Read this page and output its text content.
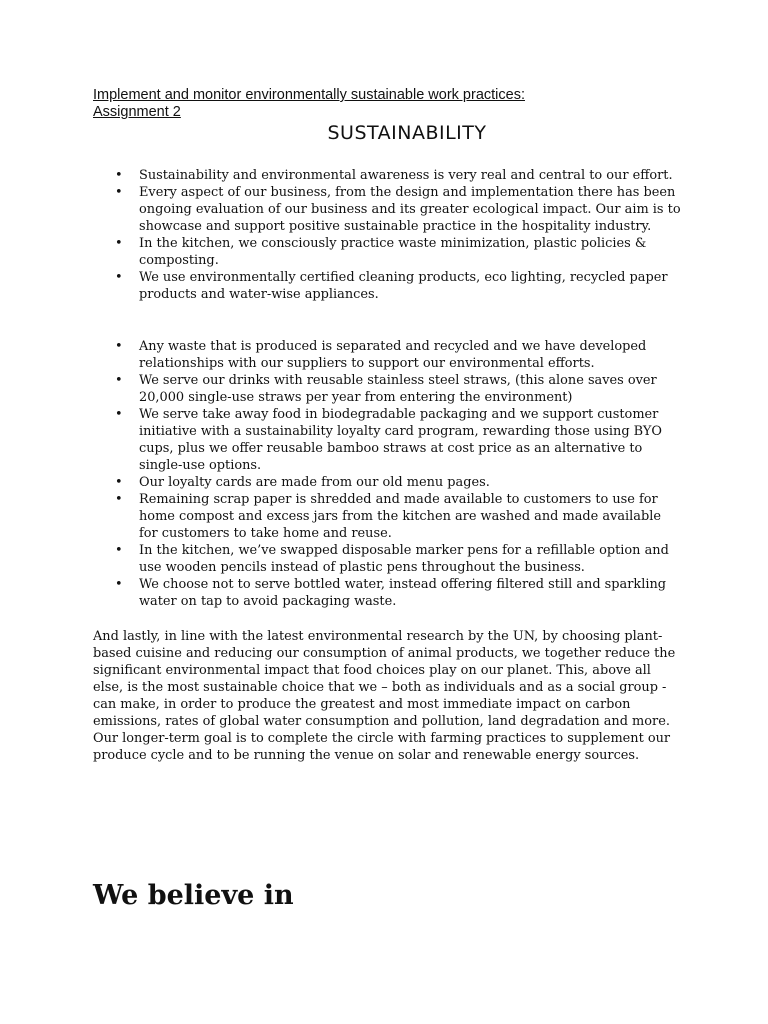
Implement and monitor environmentally sustainable work practices:
Assignment 2
SUSTAINABILITY
• Sustainability and environmental awareness is very real and central to our effort.
• Every aspect of our business, from the design and implementation there has been ongoing evaluation of our business and its greater ecological impact. Our aim is to showcase and support positive sustainable practice in the hospitality industry.
• In the kitchen, we consciously practice waste minimization, plastic policies & composting.
• We use environmentally certified cleaning products, eco lighting, recycled paper products and water-wise appliances.
• Any waste that is produced is separated and recycled and we have developed relationships with our suppliers to support our environmental efforts.
• We serve our drinks with reusable stainless steel straws, (this alone saves over 20,000 single-use straws per year from entering the environment)
• We serve take away food in biodegradable packaging and we support customer initiative with a sustainability loyalty card program, rewarding those using BYO cups, plus we offer reusable bamboo straws at cost price as an alternative to single-use options.
• Our loyalty cards are made from our old menu pages.
• Remaining scrap paper is shredded and made available to customers to use for home compost and excess jars from the kitchen are washed and made available for customers to take home and reuse.
• In the kitchen, we’ve swapped disposable marker pens for a refillable option and use wooden pencils instead of plastic pens throughout the business.
• We choose not to serve bottled water, instead offering filtered still and sparkling water on tap to avoid packaging waste.

And lastly, in line with the latest environmental research by the UN, by choosing plant-based cuisine and reducing our consumption of animal products, we together reduce the significant environmental impact that food choices play on our planet. This, above all else, is the most sustainable choice that we – both as individuals and as a social group - can make, in order to produce the greatest and most immediate impact on carbon emissions, rates of global water consumption and pollution, land degradation and more. Our longer-term goal is to complete the circle with farming practices to supplement our produce cycle and to be running the venue on solar and renewable energy sources.

We believe in
